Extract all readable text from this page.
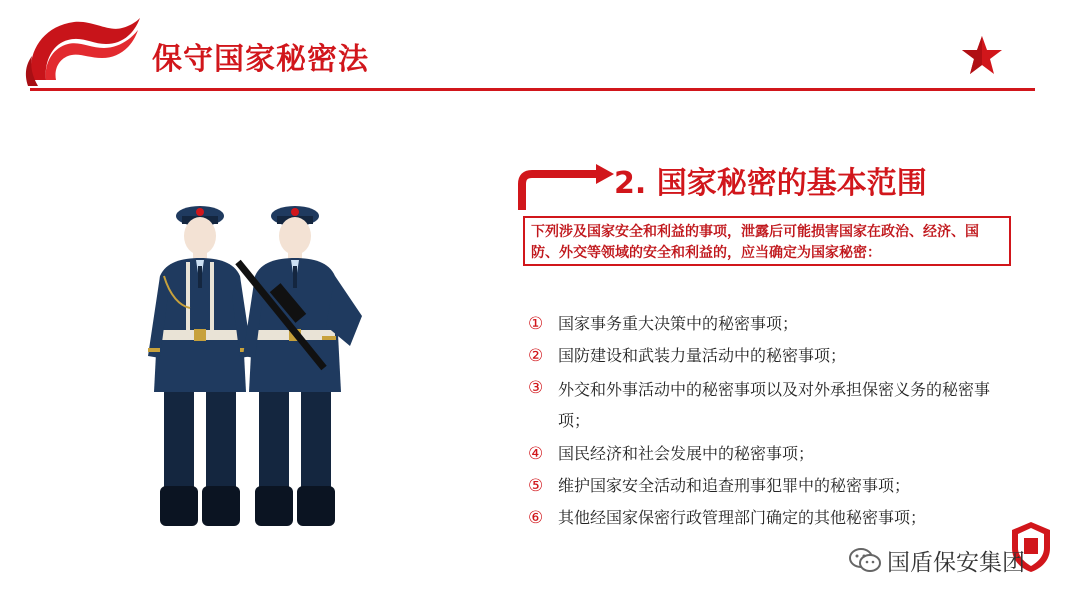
保守国家秘密法
2. 国家秘密的基本范围
下列涉及国家安全和利益的事项，泄露后可能损害国家在政治、经济、国防、外交等领域的安全和利益的，应当确定为国家秘密：
① 国家事务重大决策中的秘密事项；
② 国防建设和武装力量活动中的秘密事项；
③ 外交和外事活动中的秘密事项以及对外承担保密义务的秘密事项；
④ 国民经济和社会发展中的秘密事项；
⑤ 维护国家安全活动和追查刑事犯罪中的秘密事项；
⑥ 其他经国家保密行政管理部门确定的其他秘密事项；
国盾保安集团
